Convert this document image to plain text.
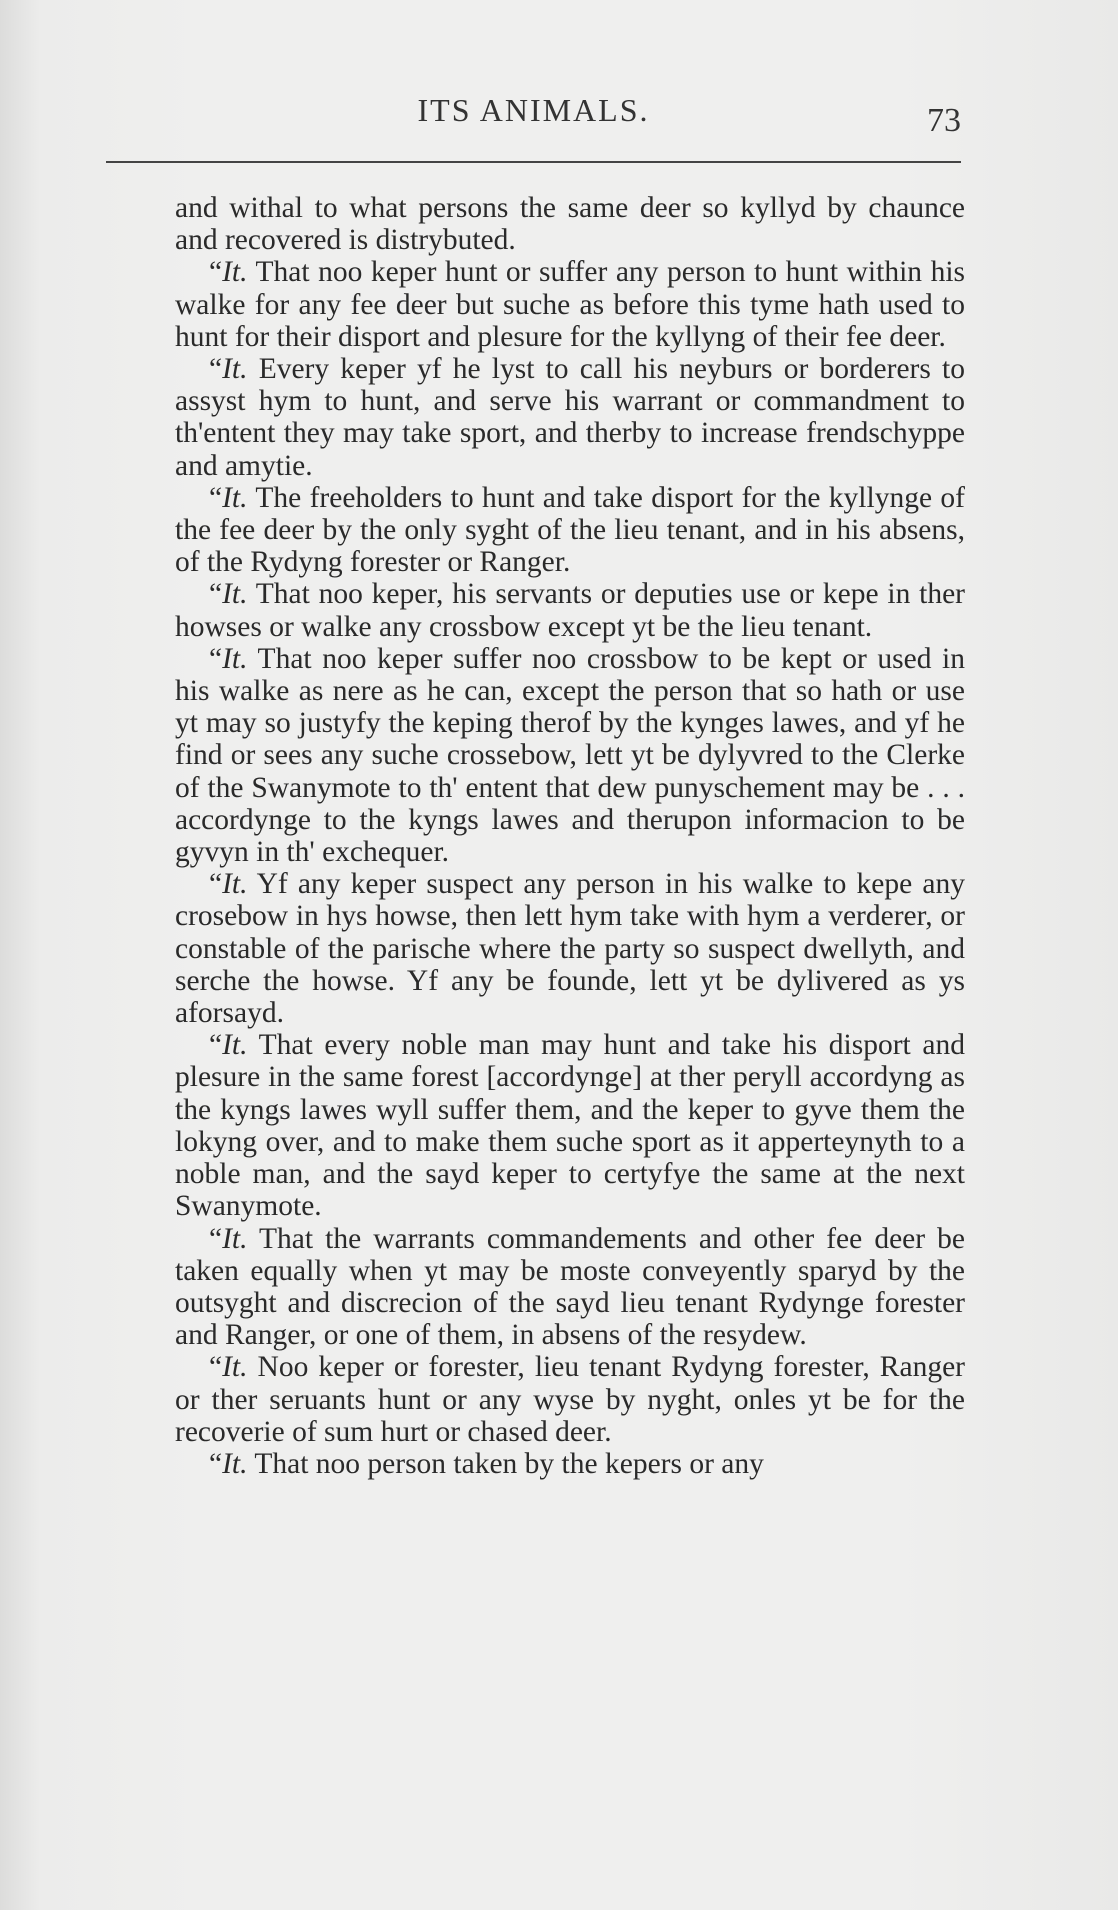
ITS ANIMALS.	73

and withal to what persons the same deer so kyllyd by chaunce and recovered is distrybuted.

“It. That noo keper hunt or suffer any person to hunt within his walke for any fee deer but suche as before this tyme hath used to hunt for their disport and plesure for the kyllyng of their fee deer.

“It. Every keper yf he lyst to call his neyburs or borderers to assyst hym to hunt, and serve his warrant or commandment to th'entent they may take sport, and therby to increase frendschyppe and amytie.

“It. The freeholders to hunt and take disport for the kyllynge of the fee deer by the only syght of the lieu tenant, and in his absens, of the Rydyng forester or Ranger.

“It. That noo keper, his servants or deputies use or kepe in ther howses or walke any crossbow except yt be the lieu tenant.

“It. That noo keper suffer noo crossbow to be kept or used in his walke as nere as he can, except the person that so hath or use yt may so justyfy the keping therof by the kynges lawes, and yf he find or sees any suche crossebow, lett yt be dylyvred to the Clerke of the Swanymote to th' entent that dew punyschement may be . . . accordynge to the kyngs lawes and therupon informacion to be gyvyn in th' exchequer.

“It. Yf any keper suspect any person in his walke to kepe any crosebow in hys howse, then lett hym take with hym a verderer, or constable of the parische where the party so suspect dwellyth, and serche the howse. Yf any be founde, lett yt be dylivered as ys aforsayd.

“It. That every noble man may hunt and take his disport and plesure in the same forest [accordynge] at ther peryll accordyng as the kyngs lawes wyll suffer them, and the keper to gyve them the lokyng over, and to make them suche sport as it apperteynyth to a noble man, and the sayd keper to certyfye the same at the next Swanymote.

“It. That the warrants commandements and other fee deer be taken equally when yt may be moste conveyently sparyd by the outsyght and discrecion of the sayd lieu tenant Rydynge forester and Ranger, or one of them, in absens of the resydew.

“It. Noo keper or forester, lieu tenant Rydyng forester, Ranger or ther seruants hunt or any wyse by nyght, onles yt be for the recoverie of sum hurt or chased deer.

“It. That noo person taken by the kepers or any
